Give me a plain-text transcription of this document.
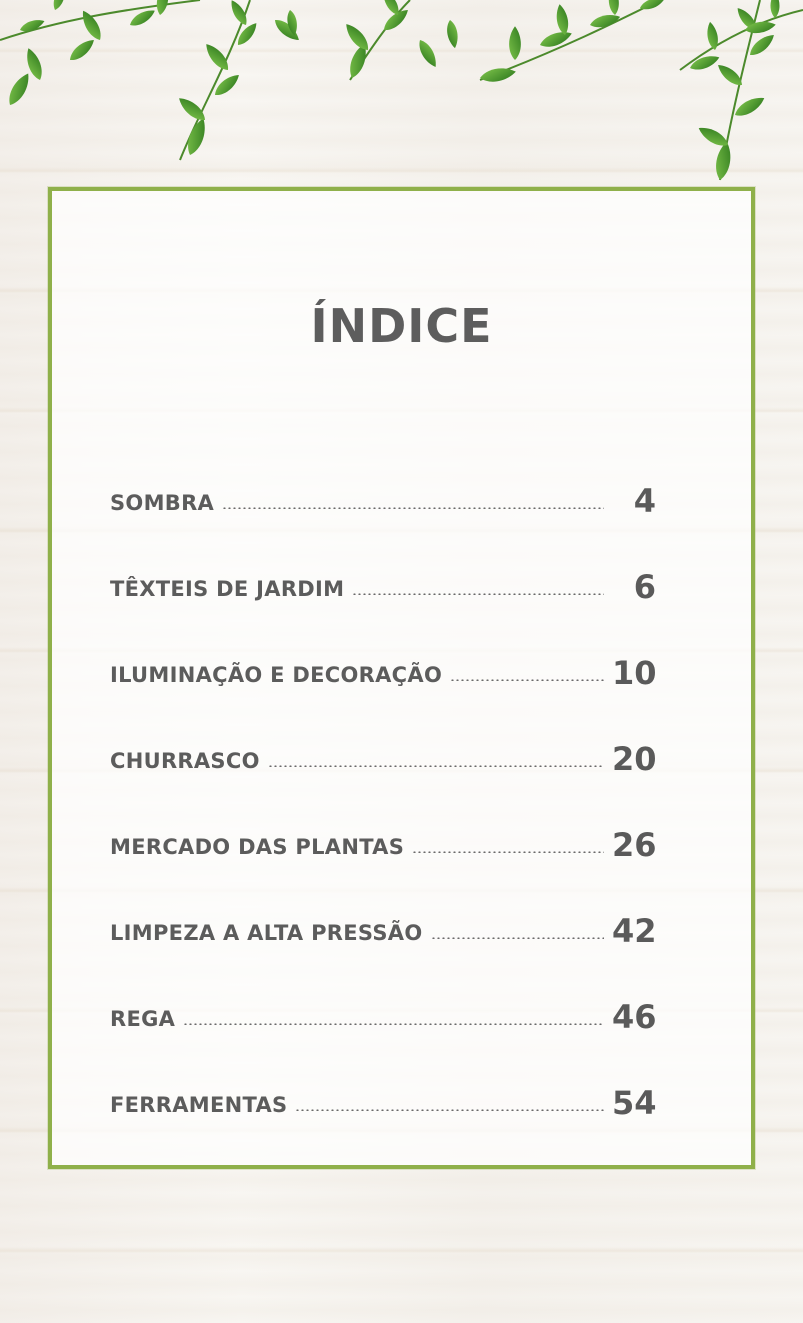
ÍNDICE
SOMBRA	4
TÊXTEIS DE JARDIM	6
ILUMINAÇÃO E DECORAÇÃO	10
CHURRASCO	20
MERCADO DAS PLANTAS	26
LIMPEZA A ALTA PRESSÃO	42
REGA	46
FERRAMENTAS	54
